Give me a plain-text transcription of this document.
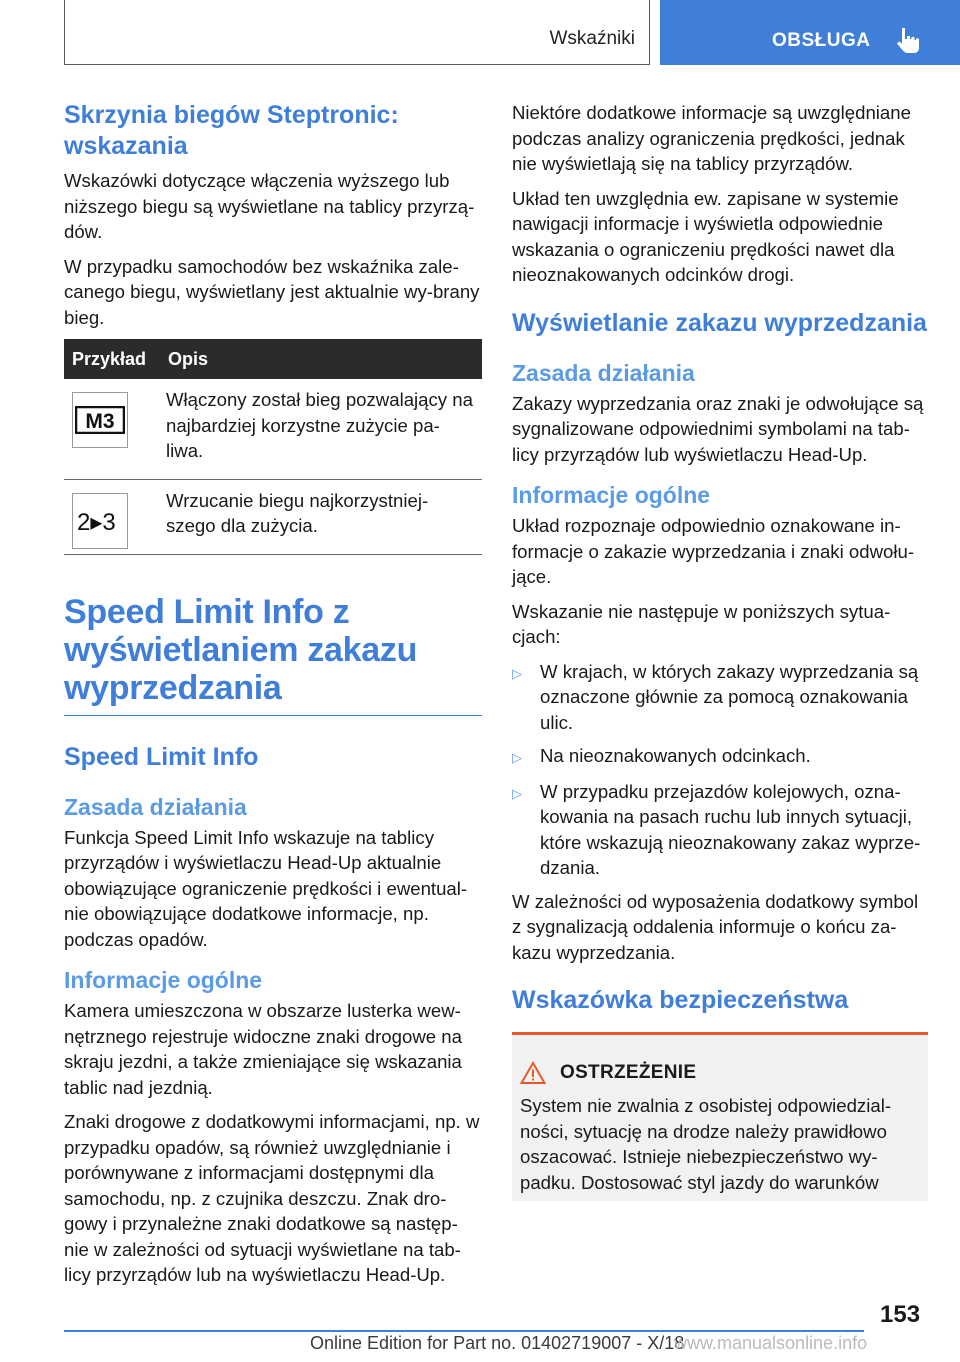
Wskaźniki	OBSŁUGA
Skrzynia biegów Steptronic: wskazania

Wskazówki dotyczące włączenia wyższego lub niższego biegu są wyświetlane na tablicy przyrzą‐dów.

W przypadku samochodów bez wskaźnika zale‐canego biegu, wyświetlany jest aktualnie wy‐brany bieg.

Przykład	Opis

M3	Włączony został bieg pozwalający na najbardziej korzystne zużycie pa‐liwa.

2▸3	Wrzucanie biegu najkorzystniej‐szego dla zużycia.
Speed Limit Info z wyświetlaniem zakazu wyprzedzania
Speed Limit Info
Zasada działania

Funkcja Speed Limit Info wskazuje na tablicy przyrządów i wyświetlaczu Head-Up aktualnie obowiązujące ograniczenie prędkości i ewentual‐nie obowiązujące dodatkowe informacje, np. podczas opadów.

Informacje ogólne

Kamera umieszczona w obszarze lusterka wew‐nętrznego rejestruje widoczne znaki drogowe na skraju jezdni, a także zmieniające się wskazania tablic nad jezdnią.

Znaki drogowe z dodatkowymi informacjami, np. w przypadku opadów, są również uwzględnianie i porównywane z informacjami dostępnymi dla samochodu, np. z czujnika deszczu. Znak dro‐gowy i przynależne znaki dodatkowe są następ‐nie w zależności od sytuacji wyświetlane na tab‐licy przyrządów lub na wyświetlaczu Head-Up.

Niektóre dodatkowe informacje są uwzględniane podczas analizy ograniczenia prędkości, jednak nie wyświetlają się na tablicy przyrządów.

Układ ten uwzględnia ew. zapisane w systemie nawigacji informacje i wyświetla odpowiednie wskazania o ograniczeniu prędkości nawet dla nieoznakowanych odcinków drogi.

Wyświetlanie zakazu wyprzedzania
Zasada działania

Zakazy wyprzedzania oraz znaki je odwołujące są sygnalizowane odpowiednimi symbolami na tab‐licy przyrządów lub wyświetlaczu Head-Up.

Informacje ogólne

Układ rozpoznaje odpowiednio oznakowane in‐formacje o zakazie wyprzedzania i znaki odwołu‐jące.

Wskazanie nie następuje w poniższych sytua‐cjach:

▷ W krajach, w których zakazy wyprzedzania są oznaczone głównie za pomocą oznakowania ulic.
▷ Na nieoznakowanych odcinkach.
▷ W przypadku przejazdów kolejowych, ozna‐kowania na pasach ruchu lub innych sytuacji, które wskazują nieoznakowany zakaz wyprze‐dzania.

W zależności od wyposażenia dodatkowy symbol z sygnalizacją oddalenia informuje o końcu za‐kazu wyprzedzania.

Wskazówka bezpieczeństwa
OSTRZEŻENIE

System nie zwalnia z osobistej odpowiedzial‐ności, sytuację na drodze należy prawidłowo oszacować. Istnieje niebezpieczeństwo wy‐padku. Dostosować styl jazdy do warunków

153
Online Edition for Part no. 01402719007 - X/18
www.manualsonline.info
